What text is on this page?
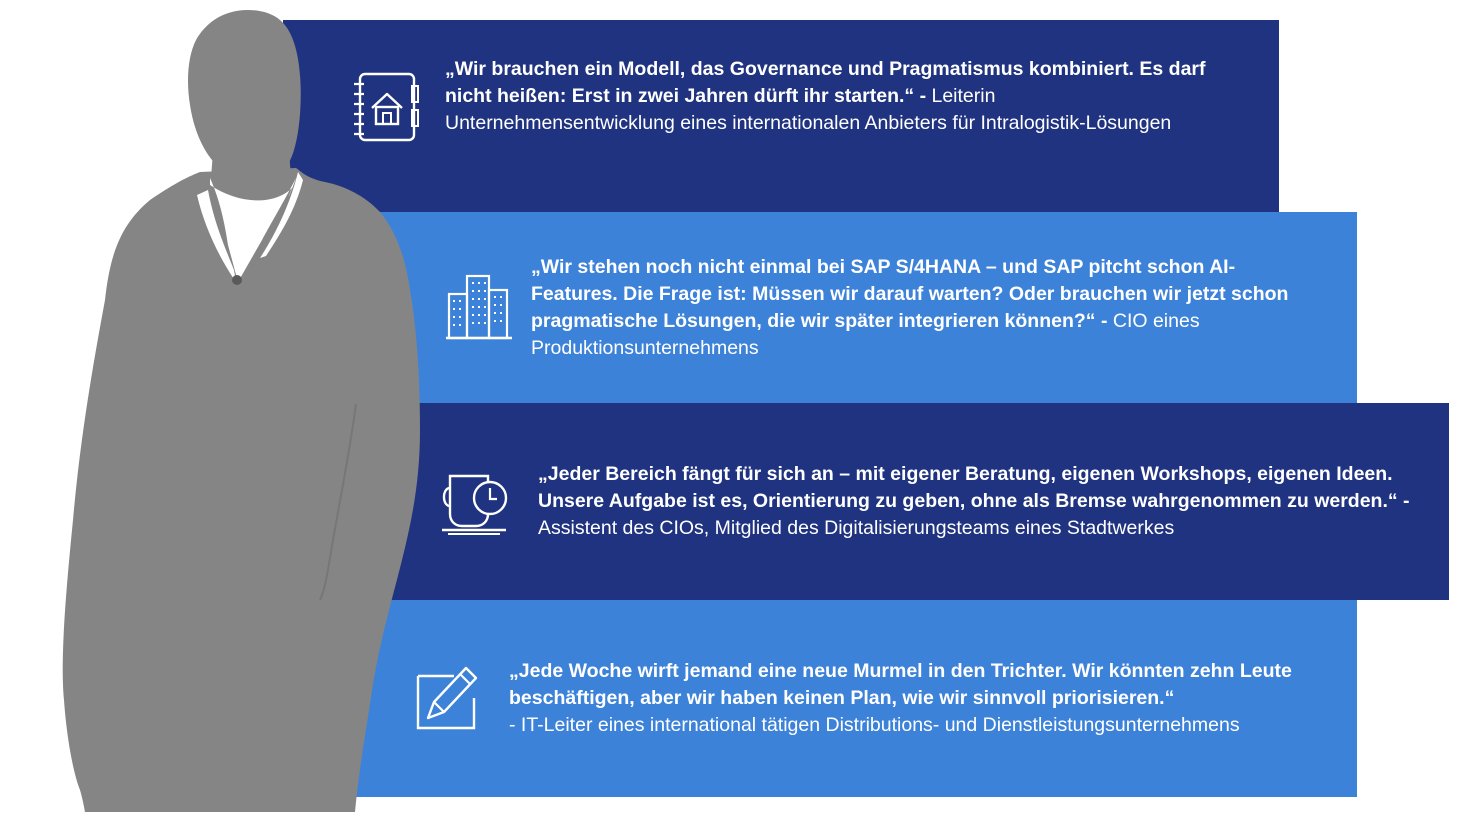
„Wir brauchen ein Modell, das Governance und Pragmatismus kombiniert. Es darf nicht heißen: Erst in zwei Jahren dürft ihr starten.“ - Leiterin Unternehmensentwicklung eines internationalen Anbieters für Intralogistik-Lösungen
„Wir stehen noch nicht einmal bei SAP S/4HANA – und SAP pitcht schon AI-Features. Die Frage ist: Müssen wir darauf warten? Oder brauchen wir jetzt schon pragmatische Lösungen, die wir später integrieren können?“ - CIO eines Produktionsunternehmens
„Jeder Bereich fängt für sich an – mit eigener Beratung, eigenen Workshops, eigenen Ideen. Unsere Aufgabe ist es, Orientierung zu geben, ohne als Bremse wahrgenommen zu werden.“ - Assistent des CIOs, Mitglied des Digitalisierungsteams eines Stadtwerkes
„Jede Woche wirft jemand eine neue Murmel in den Trichter. Wir könnten zehn Leute beschäftigen, aber wir haben keinen Plan, wie wir sinnvoll priorisieren.“
- IT-Leiter eines international tätigen Distributions- und Dienstleistungsunternehmens
